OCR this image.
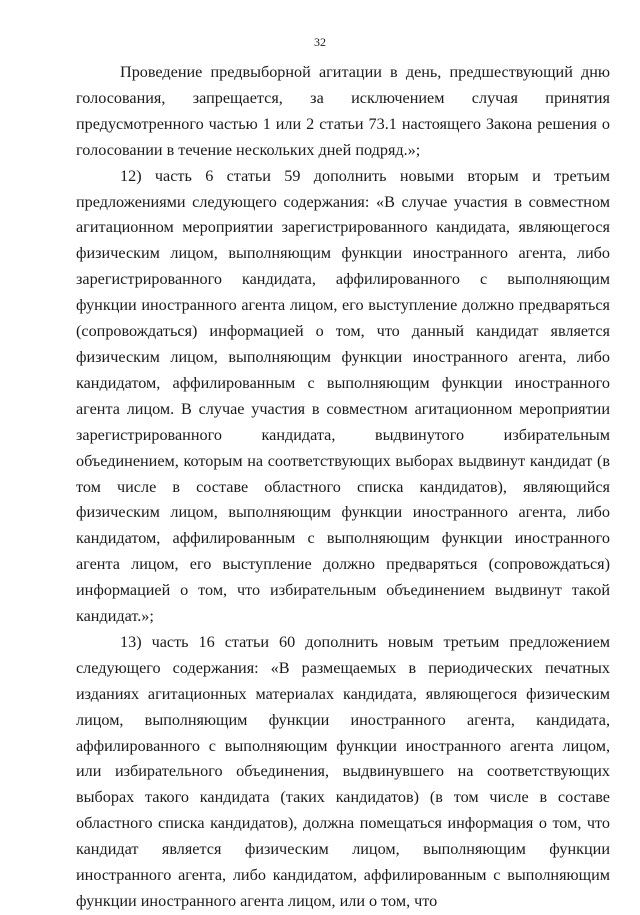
32

Проведение предвыборной агитации в день, предшествующий дню голосования, запрещается, за исключением случая принятия предусмотренного частью 1 или 2 статьи 73.1 настоящего Закона решения о голосовании в течение нескольких дней подряд.»;

12) часть 6 статьи 59 дополнить новыми вторым и третьим предложениями следующего содержания: «В случае участия в совместном агитационном мероприятии зарегистрированного кандидата, являющегося физическим лицом, выполняющим функции иностранного агента, либо зарегистрированного кандидата, аффилированного с выполняющим функции иностранного агента лицом, его выступление должно предваряться (сопровождаться) информацией о том, что данный кандидат является физическим лицом, выполняющим функции иностранного агента, либо кандидатом, аффилированным с выполняющим функции иностранного агента лицом. В случае участия в совместном агитационном мероприятии зарегистрированного кандидата, выдвинутого избирательным объединением, которым на соответствующих выборах выдвинут кандидат (в том числе в составе областного списка кандидатов), являющийся физическим лицом, выполняющим функции иностранного агента, либо кандидатом, аффилированным с выполняющим функции иностранного агента лицом, его выступление должно предваряться (сопровождаться) информацией о том, что избирательным объединением выдвинут такой кандидат.»;

13) часть 16 статьи 60 дополнить новым третьим предложением следующего содержания: «В размещаемых в периодических печатных изданиях агитационных материалах кандидата, являющегося физическим лицом, выполняющим функции иностранного агента, кандидата, аффилированного с выполняющим функции иностранного агента лицом, или избирательного объединения, выдвинувшего на соответствующих выборах такого кандидата (таких кандидатов) (в том числе в составе областного списка кандидатов), должна помещаться информация о том, что кандидат является физическим лицом, выполняющим функции иностранного агента, либо кандидатом, аффилированным с выполняющим функции иностранного агента лицом, или о том, что
